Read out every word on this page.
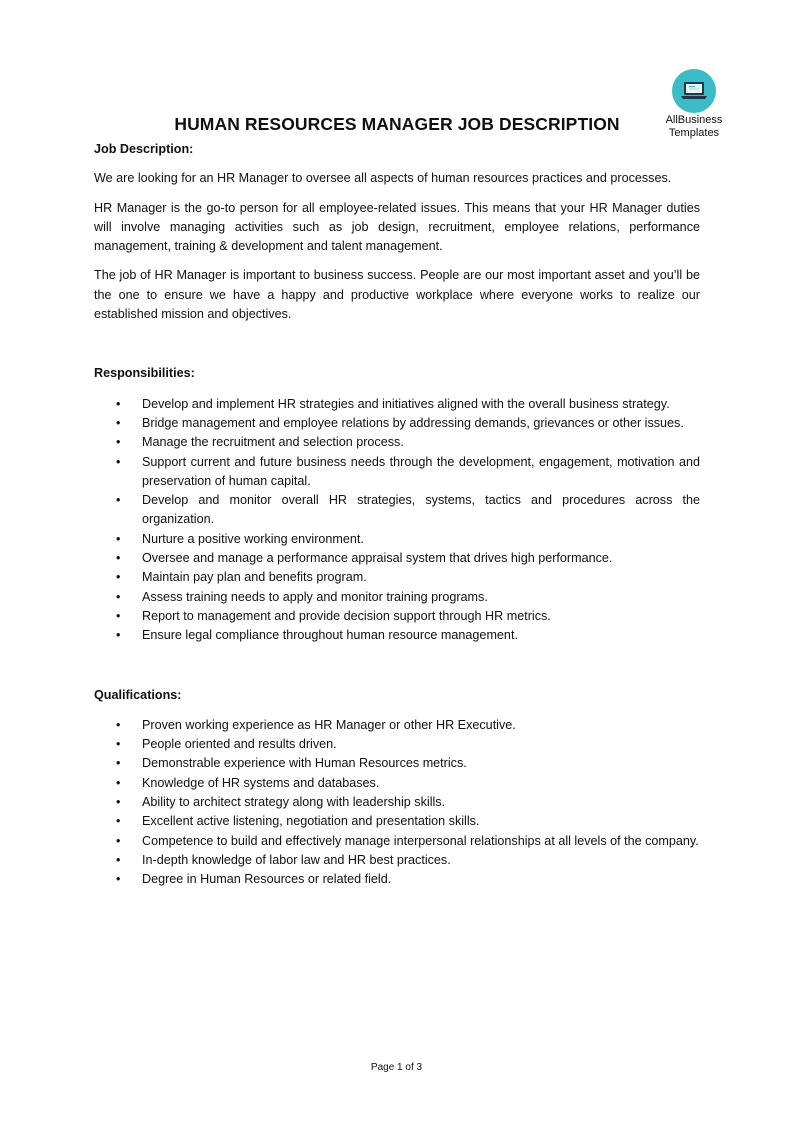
AllBusiness
Templates
HUMAN RESOURCES MANAGER JOB DESCRIPTION

Job Description:

We are looking for an HR Manager to oversee all aspects of human resources practices and processes.

HR Manager is the go-to person for all employee-related issues. This means that your HR Manager duties will involve managing activities such as job design, recruitment, employee relations, performance management, training & development and talent management.

The job of HR Manager is important to business success. People are our most important asset and you’ll be the one to ensure we have a happy and productive workplace where everyone works to realize our established mission and objectives.

Responsibilities:

• Develop and implement HR strategies and initiatives aligned with the overall business strategy.
• Bridge management and employee relations by addressing demands, grievances or other issues.
• Manage the recruitment and selection process.
• Support current and future business needs through the development, engagement, motivation and preservation of human capital.
• Develop and monitor overall HR strategies, systems, tactics and procedures across the organization.
• Nurture a positive working environment.
• Oversee and manage a performance appraisal system that drives high performance.
• Maintain pay plan and benefits program.
• Assess training needs to apply and monitor training programs.
• Report to management and provide decision support through HR metrics.
• Ensure legal compliance throughout human resource management.

Qualifications:

• Proven working experience as HR Manager or other HR Executive.
• People oriented and results driven.
• Demonstrable experience with Human Resources metrics.
• Knowledge of HR systems and databases.
• Ability to architect strategy along with leadership skills.
• Excellent active listening, negotiation and presentation skills.
• Competence to build and effectively manage interpersonal relationships at all levels of the company.
• In-depth knowledge of labor law and HR best practices.
• Degree in Human Resources or related field.
Page 1 of 3
